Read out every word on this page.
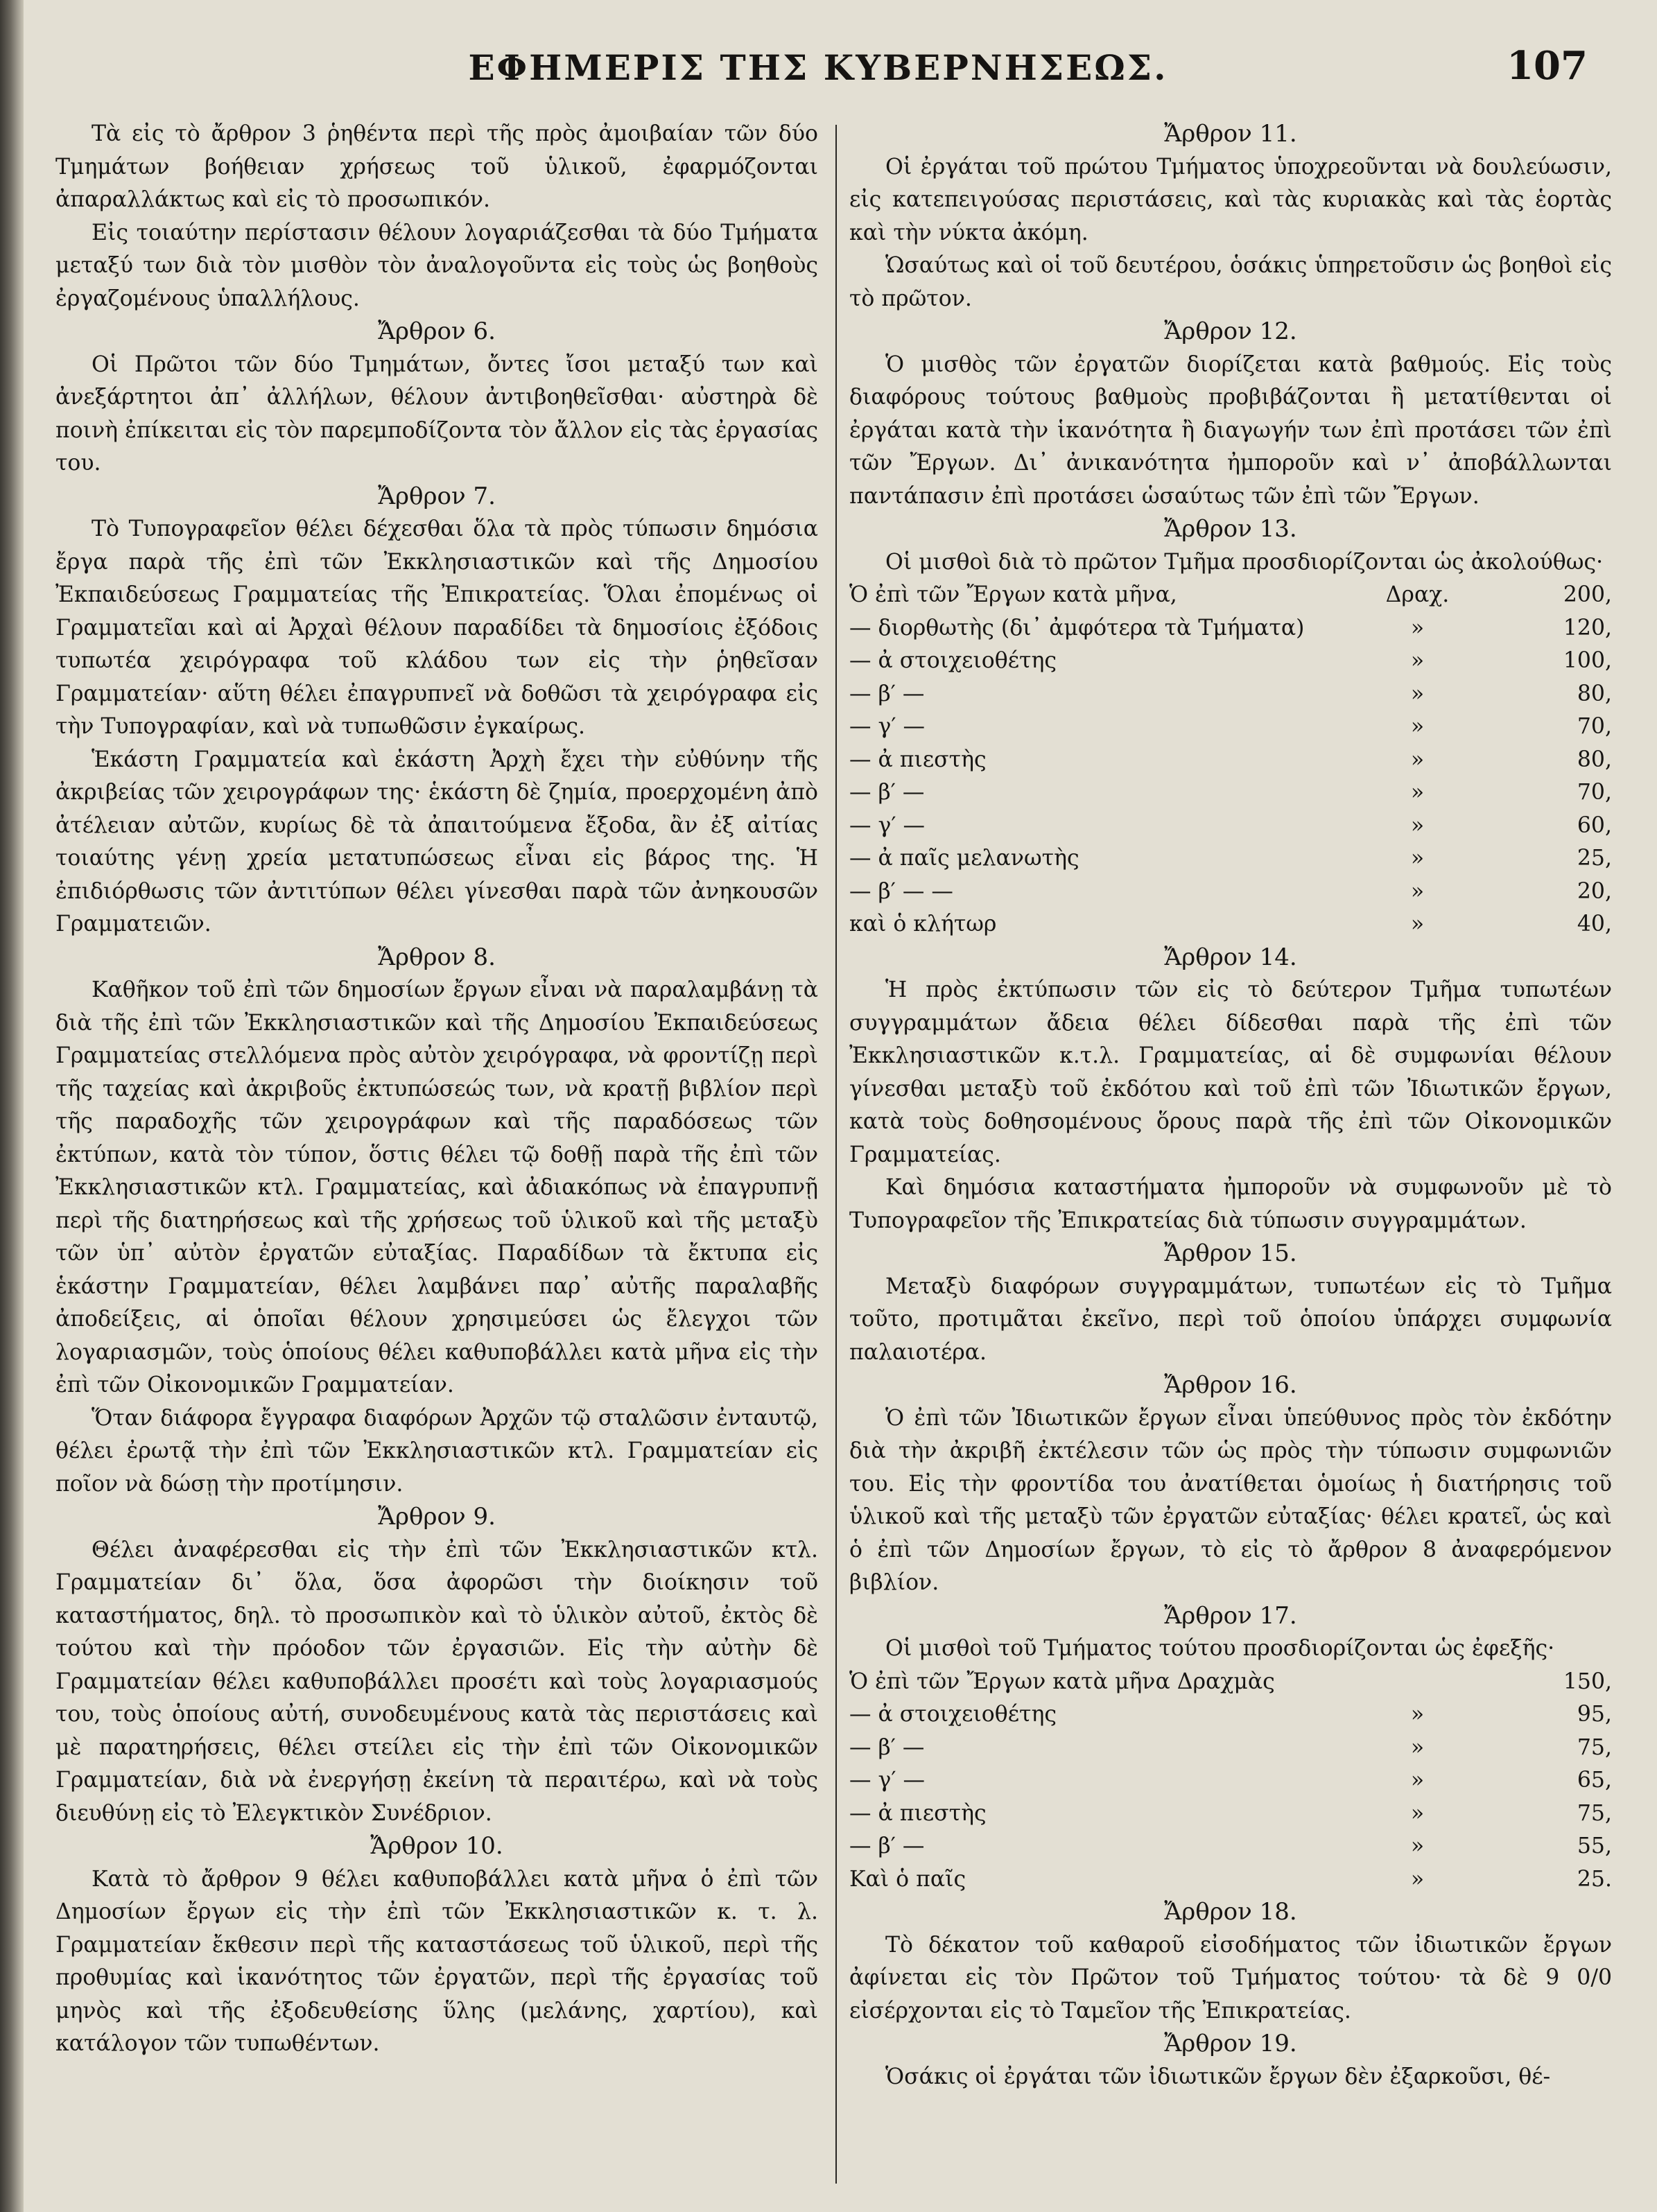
ΕΦΗΜΕΡΙΣ ΤΗΣ ΚΥΒΕΡΝΗΣΕΩΣ.	107

Τὰ εἰς τὸ ἄρθρον 3 ῥηθέντα περὶ τῆς πρὸς ἀμοιβαίαν τῶν δύο Τμημάτων βοήθειαν χρήσεως τοῦ ὑλικοῦ, ἐφαρμόζονται ἀπαραλλάκτως καὶ εἰς τὸ προσωπικόν.

Εἰς τοιαύτην περίστασιν θέλουν λογαριάζεσθαι τὰ δύο Τμήματα μεταξύ των διὰ τὸν μισθὸν τὸν ἀναλογοῦντα εἰς τοὺς ὡς βοηθοὺς ἐργαζομένους ὑπαλλήλους.

Ἄρθρον 6.

Οἱ Πρῶτοι τῶν δύο Τμημάτων, ὄντες ἴσοι μεταξύ των καὶ ἀνεξάρτητοι ἀπ᾽ ἀλλήλων, θέλουν ἀντιβοηθεῖσθαι· αὐστηρὰ δὲ ποινὴ ἐπίκειται εἰς τὸν παρεμποδίζοντα τὸν ἄλλον εἰς τὰς ἐργασίας του.

Ἄρθρον 7.

Τὸ Τυπογραφεῖον θέλει δέχεσθαι ὅλα τὰ πρὸς τύπωσιν δημόσια ἔργα παρὰ τῆς ἐπὶ τῶν Ἐκκλησιαστικῶν καὶ τῆς Δημοσίου Ἐκπαιδεύσεως Γραμματείας τῆς Ἐπικρατείας. Ὅλαι ἐπομένως οἱ Γραμματεῖαι καὶ αἱ Ἀρχαὶ θέλουν παραδίδει τὰ δημοσίοις ἐξόδοις τυπωτέα χειρόγραφα τοῦ κλάδου των εἰς τὴν ῥηθεῖσαν Γραμματείαν· αὕτη θέλει ἐπαγρυπνεῖ νὰ δοθῶσι τὰ χειρόγραφα εἰς τὴν Τυπογραφίαν, καὶ νὰ τυπωθῶσιν ἐγκαίρως.

Ἑκάστη Γραμματεία καὶ ἑκάστη Ἀρχὴ ἔχει τὴν εὐθύνην τῆς ἀκριβείας τῶν χειρογράφων της· ἑκάστη δὲ ζημία, προερχομένη ἀπὸ ἀτέλειαν αὐτῶν, κυρίως δὲ τὰ ἀπαιτούμενα ἔξοδα, ἂν ἐξ αἰτίας τοιαύτης γένῃ χρεία μετατυπώσεως εἶναι εἰς βάρος της. Ἡ ἐπιδιόρθωσις τῶν ἀντιτύπων θέλει γίνεσθαι παρὰ τῶν ἀνηκουσῶν Γραμματειῶν.

Ἄρθρον 8.

Καθῆκον τοῦ ἐπὶ τῶν δημοσίων ἔργων εἶναι νὰ παραλαμβάνῃ τὰ διὰ τῆς ἐπὶ τῶν Ἐκκλησιαστικῶν καὶ τῆς Δημοσίου Ἐκπαιδεύσεως Γραμματείας στελλόμενα πρὸς αὐτὸν χειρόγραφα, νὰ φροντίζῃ περὶ τῆς ταχείας καὶ ἀκριβοῦς ἐκτυπώσεώς των, νὰ κρατῇ βιβλίον περὶ τῆς παραδοχῆς τῶν χειρογράφων καὶ τῆς παραδόσεως τῶν ἐκτύπων, κατὰ τὸν τύπον, ὅστις θέλει τῷ δοθῇ παρὰ τῆς ἐπὶ τῶν Ἐκκλησιαστικῶν κτλ. Γραμματείας, καὶ ἀδιακόπως νὰ ἐπαγρυπνῇ περὶ τῆς διατηρήσεως καὶ τῆς χρήσεως τοῦ ὑλικοῦ καὶ τῆς μεταξὺ τῶν ὑπ᾽ αὐτὸν ἐργατῶν εὐταξίας. Παραδίδων τὰ ἔκτυπα εἰς ἑκάστην Γραμματείαν, θέλει λαμβάνει παρ᾽ αὐτῆς παραλαβῆς ἀποδείξεις, αἱ ὁποῖαι θέλουν χρησιμεύσει ὡς ἔλεγχοι τῶν λογαριασμῶν, τοὺς ὁποίους θέλει καθυποβάλλει κατὰ μῆνα εἰς τὴν ἐπὶ τῶν Οἰκονομικῶν Γραμματείαν.

Ὅταν διάφορα ἔγγραφα διαφόρων Ἀρχῶν τῷ σταλῶσιν ἐνταυτῷ, θέλει ἐρωτᾷ τὴν ἐπὶ τῶν Ἐκκλησιαστικῶν κτλ. Γραμματείαν εἰς ποῖον νὰ δώσῃ τὴν προτίμησιν.

Ἄρθρον 9.

Θέλει ἀναφέρεσθαι εἰς τὴν ἐπὶ τῶν Ἐκκλησιαστικῶν κτλ. Γραμματείαν δι᾽ ὅλα, ὅσα ἀφορῶσι τὴν διοίκησιν τοῦ καταστήματος, δηλ. τὸ προσωπικὸν καὶ τὸ ὑλικὸν αὐτοῦ, ἐκτὸς δὲ τούτου καὶ τὴν πρόοδον τῶν ἐργασιῶν. Εἰς τὴν αὐτὴν δὲ Γραμματείαν θέλει καθυποβάλλει προσέτι καὶ τοὺς λογαριασμούς του, τοὺς ὁποίους αὐτή, συνοδευμένους κατὰ τὰς περιστάσεις καὶ μὲ παρατηρήσεις, θέλει στείλει εἰς τὴν ἐπὶ τῶν Οἰκονομικῶν Γραμματείαν, διὰ νὰ ἐνεργήσῃ ἐκείνη τὰ περαιτέρω, καὶ νὰ τοὺς διευθύνῃ εἰς τὸ Ἐλεγκτικὸν Συνέδριον.

Ἄρθρον 10.

Κατὰ τὸ ἄρθρον 9 θέλει καθυποβάλλει κατὰ μῆνα ὁ ἐπὶ τῶν Δημοσίων ἔργων εἰς τὴν ἐπὶ τῶν Ἐκκλησιαστικῶν κ. τ. λ. Γραμματείαν ἔκθεσιν περὶ τῆς καταστάσεως τοῦ ὑλικοῦ, περὶ τῆς προθυμίας καὶ ἱκανότητος τῶν ἐργατῶν, περὶ τῆς ἐργασίας τοῦ μηνὸς καὶ τῆς ἐξοδευθείσης ὕλης (μελάνης, χαρτίου), καὶ κατάλογον τῶν τυπωθέντων.

Ἄρθρον 11.

Οἱ ἐργάται τοῦ πρώτου Τμήματος ὑποχρεοῦνται νὰ δουλεύωσιν, εἰς κατεπειγούσας περιστάσεις, καὶ τὰς κυριακὰς καὶ τὰς ἑορτὰς καὶ τὴν νύκτα ἀκόμη.

Ὡσαύτως καὶ οἱ τοῦ δευτέρου, ὁσάκις ὑπηρετοῦσιν ὡς βοηθοὶ εἰς τὸ πρῶτον.

Ἄρθρον 12.

Ὁ μισθὸς τῶν ἐργατῶν διορίζεται κατὰ βαθμούς. Εἰς τοὺς διαφόρους τούτους βαθμοὺς προβιβάζονται ἢ μετατίθενται οἱ ἐργάται κατὰ τὴν ἱκανότητα ἢ διαγωγήν των ἐπὶ προτάσει τῶν ἐπὶ τῶν Ἔργων. Δι᾽ ἀνικανότητα ἠμποροῦν καὶ ν᾽ ἀποβάλλωνται παντάπασιν ἐπὶ προτάσει ὡσαύτως τῶν ἐπὶ τῶν Ἔργων.

Ἄρθρον 13.

Οἱ μισθοὶ διὰ τὸ πρῶτον Τμῆμα προσδιορίζονται ὡς ἀκολούθως·

Ὁ ἐπὶ τῶν Ἔργων κατὰ μῆνα,	Δραχ.	200,
— διορθωτὴς (δι᾽ ἀμφότερα τὰ Τμήματα)	»	120,
— ἀ στοιχειοθέτης	»	100,
— β′ —	»	80,
— γ′ —	»	70,
— ἀ πιεστὴς	»	80,
— β′ —	»	70,
— γ′ —	»	60,
— ἀ παῖς μελανωτὴς	»	25,
— β′ — —	»	20,
καὶ ὁ κλήτωρ	»	40,

Ἄρθρον 14.

Ἡ πρὸς ἐκτύπωσιν τῶν εἰς τὸ δεύτερον Τμῆμα τυπωτέων συγγραμμάτων ἄδεια θέλει δίδεσθαι παρὰ τῆς ἐπὶ τῶν Ἐκκλησιαστικῶν κ.τ.λ. Γραμματείας, αἱ δὲ συμφωνίαι θέλουν γίνεσθαι μεταξὺ τοῦ ἐκδότου καὶ τοῦ ἐπὶ τῶν Ἰδιωτικῶν ἔργων, κατὰ τοὺς δοθησομένους ὅρους παρὰ τῆς ἐπὶ τῶν Οἰκονομικῶν Γραμματείας.

Καὶ δημόσια καταστήματα ἠμποροῦν νὰ συμφωνοῦν μὲ τὸ Τυπογραφεῖον τῆς Ἐπικρατείας διὰ τύπωσιν συγγραμμάτων.

Ἄρθρον 15.

Μεταξὺ διαφόρων συγγραμμάτων, τυπωτέων εἰς τὸ Τμῆμα τοῦτο, προτιμᾶται ἐκεῖνο, περὶ τοῦ ὁποίου ὑπάρχει συμφωνία παλαιοτέρα.

Ἄρθρον 16.

Ὁ ἐπὶ τῶν Ἰδιωτικῶν ἔργων εἶναι ὑπεύθυνος πρὸς τὸν ἐκδότην διὰ τὴν ἀκριβῆ ἐκτέλεσιν τῶν ὡς πρὸς τὴν τύπωσιν συμφωνιῶν του. Εἰς τὴν φροντίδα του ἀνατίθεται ὁμοίως ἡ διατήρησις τοῦ ὑλικοῦ καὶ τῆς μεταξὺ τῶν ἐργατῶν εὐταξίας· θέλει κρατεῖ, ὡς καὶ ὁ ἐπὶ τῶν Δημοσίων ἔργων, τὸ εἰς τὸ ἄρθρον 8 ἀναφερόμενον βιβλίον.

Ἄρθρον 17.

Οἱ μισθοὶ τοῦ Τμήματος τούτου προσδιορίζονται ὡς ἐφεξῆς·

Ὁ ἐπὶ τῶν Ἔργων κατὰ μῆνα Δραχμὰς		150,
— ἀ στοιχειοθέτης	»	95,
— β′ —	»	75,
— γ′ —	»	65,
— ἀ πιεστὴς	»	75,
— β′ —	»	55,
Καὶ ὁ παῖς	»	25.

Ἄρθρον 18.

Τὸ δέκατον τοῦ καθαροῦ εἰσοδήματος τῶν ἰδιωτικῶν ἔργων ἀφίνεται εἰς τὸν Πρῶτον τοῦ Τμήματος τούτου· τὰ δὲ 9 0/0 εἰσέρχονται εἰς τὸ Ταμεῖον τῆς Ἐπικρατείας.

Ἄρθρον 19.

Ὁσάκις οἱ ἐργάται τῶν ἰδιωτικῶν ἔργων δὲν ἐξαρκοῦσι, θέ-
